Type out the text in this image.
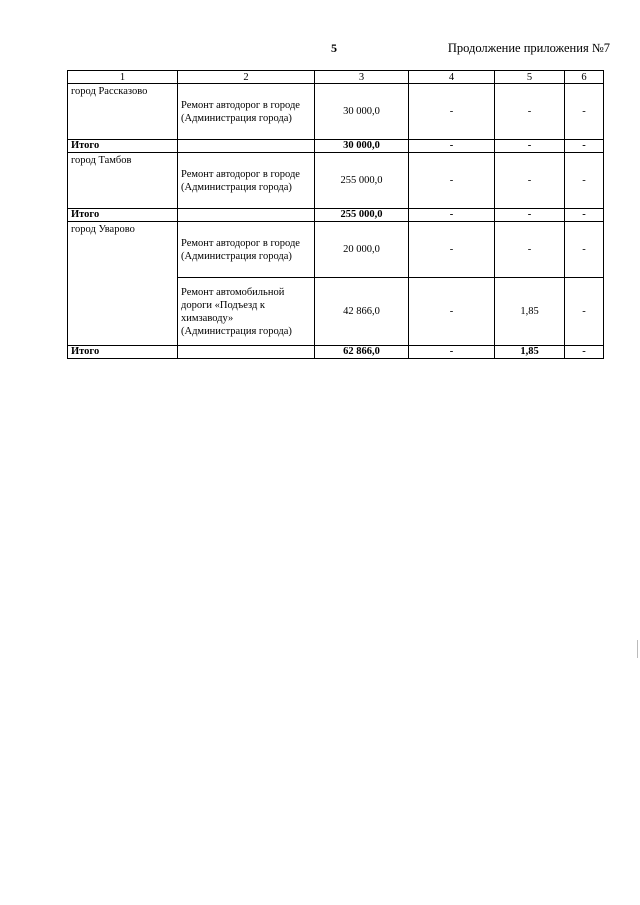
5	Продолжение приложения №7
1	2	3	4	5	6
город Рассказово	Ремонт автодорог в городе (Администрация города)	30 000,0	-	-	-
Итого		30 000,0	-	-	-
город Тамбов	Ремонт автодорог в городе (Администрация города)	255 000,0	-	-	-
Итого		255 000,0	-	-	-
город Уварово	Ремонт автодорог в городе (Администрация города)	20 000,0	-	-	-
	Ремонт автомобильной дороги «Подъезд к химзаводу» (Администрация города)	42 866,0	-	1,85	-
Итого		62 866,0	-	1,85	-
